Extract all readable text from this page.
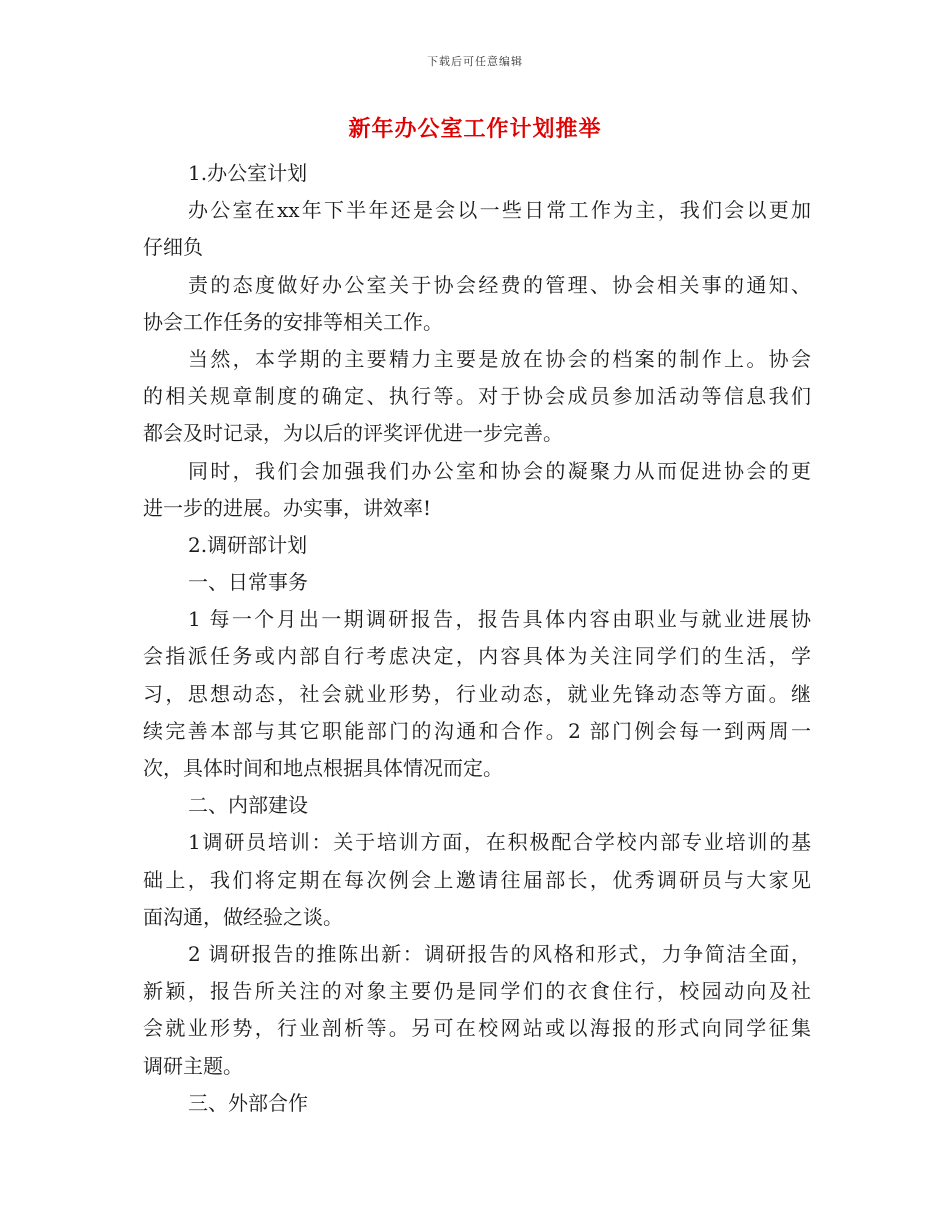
下载后可任意编辑
新年办公室工作计划推举
1.办公室计划
办公室在xx年下半年还是会以一些日常工作为主，我们会以更加
仔细负
责的态度做好办公室关于协会经费的管理、协会相关事的通知、
协会工作任务的安排等相关工作。
当然，本学期的主要精力主要是放在协会的档案的制作上。协会
的相关规章制度的确定、执行等。对于协会成员参加活动等信息我们
都会及时记录，为以后的评奖评优进一步完善。
同时，我们会加强我们办公室和协会的凝聚力从而促进协会的更
进一步的进展。办实事，讲效率!
2.调研部计划
一、日常事务
1 每一个月出一期调研报告，报告具体内容由职业与就业进展协
会指派任务或内部自行考虑决定，内容具体为关注同学们的生活，学
习，思想动态，社会就业形势，行业动态，就业先锋动态等方面。继
续完善本部与其它职能部门的沟通和合作。2 部门例会每一到两周一
次，具体时间和地点根据具体情况而定。
二、内部建设
1调研员培训：关于培训方面，在积极配合学校内部专业培训的基
础上，我们将定期在每次例会上邀请往届部长，优秀调研员与大家见
面沟通，做经验之谈。
2 调研报告的推陈出新：调研报告的风格和形式，力争简洁全面，
新颖，报告所关注的对象主要仍是同学们的衣食住行，校园动向及社
会就业形势，行业剖析等。另可在校网站或以海报的形式向同学征集
调研主题。
三、外部合作
